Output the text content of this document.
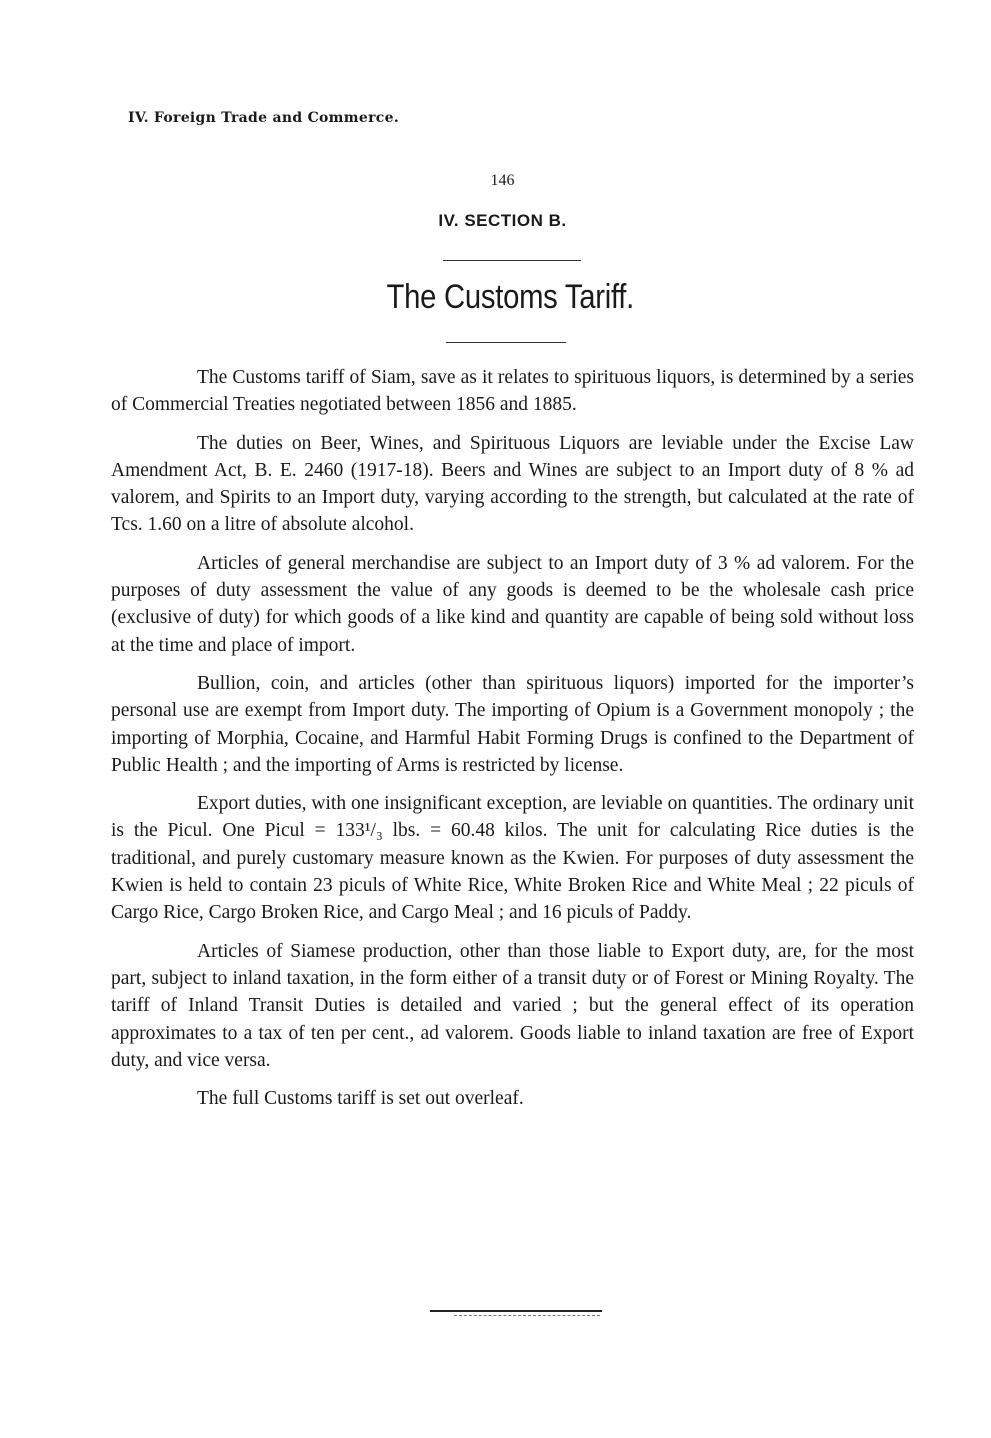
IV. Foreign Trade and Commerce.
146
IV. SECTION B.
The Customs Tariff.

The Customs tariff of Siam, save as it relates to spirituous liquors, is determined by a series of Commercial Treaties negotiated between 1856 and 1885.

The duties on Beer, Wines, and Spirituous Liquors are leviable under the Excise Law Amendment Act, B. E. 2460 (1917-18). Beers and Wines are subject to an Import duty of 8 % ad valorem, and Spirits to an Import duty, varying according to the strength, but calculated at the rate of Tcs. 1.60 on a litre of absolute alcohol.

Articles of general merchandise are subject to an Import duty of 3 % ad valorem. For the purposes of duty assessment the value of any goods is deemed to be the wholesale cash price (exclusive of duty) for which goods of a like kind and quantity are capable of being sold without loss at the time and place of import.

Bullion, coin, and articles (other than spirituous liquors) imported for the importer’s personal use are exempt from Import duty. The importing of Opium is a Government monopoly ; the importing of Morphia, Cocaine, and Harmful Habit Forming Drugs is confined to the Department of Public Health ; and the importing of Arms is restricted by license.

Export duties, with one insignificant exception, are leviable on quantities. The ordinary unit is the Picul. One Picul = 133¹/₃ lbs. = 60.48 kilos. The unit for calculating Rice duties is the traditional, and purely customary measure known as the Kwien. For purposes of duty assessment the Kwien is held to contain 23 piculs of White Rice, White Broken Rice and White Meal ; 22 piculs of Cargo Rice, Cargo Broken Rice, and Cargo Meal ; and 16 piculs of Paddy.

Articles of Siamese production, other than those liable to Export duty, are, for the most part, subject to inland taxation, in the form either of a transit duty or of Forest or Mining Royalty. The tariff of Inland Transit Duties is detailed and varied ; but the general effect of its operation approximates to a tax of ten per cent., ad valorem. Goods liable to inland taxation are free of Export duty, and vice versa.

The full Customs tariff is set out overleaf.
